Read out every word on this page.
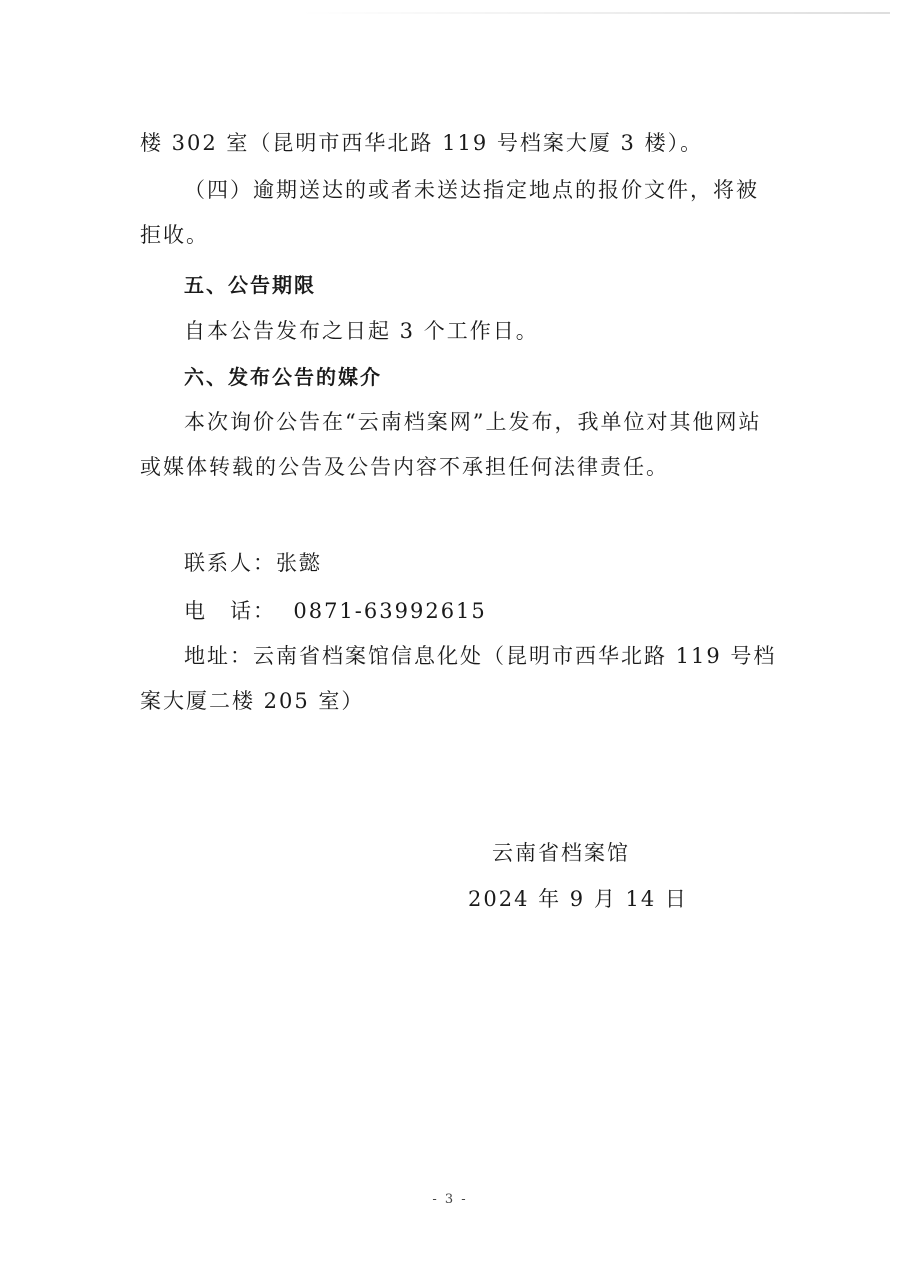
楼 302 室（昆明市西华北路 119 号档案大厦 3 楼）。

（四）逾期送达的或者未送达指定地点的报价文件，将被拒收。

五、公告期限

自本公告发布之日起 3 个工作日。

六、发布公告的媒介

本次询价公告在“云南档案网”上发布，我单位对其他网站或媒体转载的公告及公告内容不承担任何法律责任。

联系人：张懿

电　话：  0871-63992615

地址：云南省档案馆信息化处（昆明市西华北路 119 号档案大厦二楼 205 室）

云南省档案馆

2024 年 9 月 14 日
- 3 -
